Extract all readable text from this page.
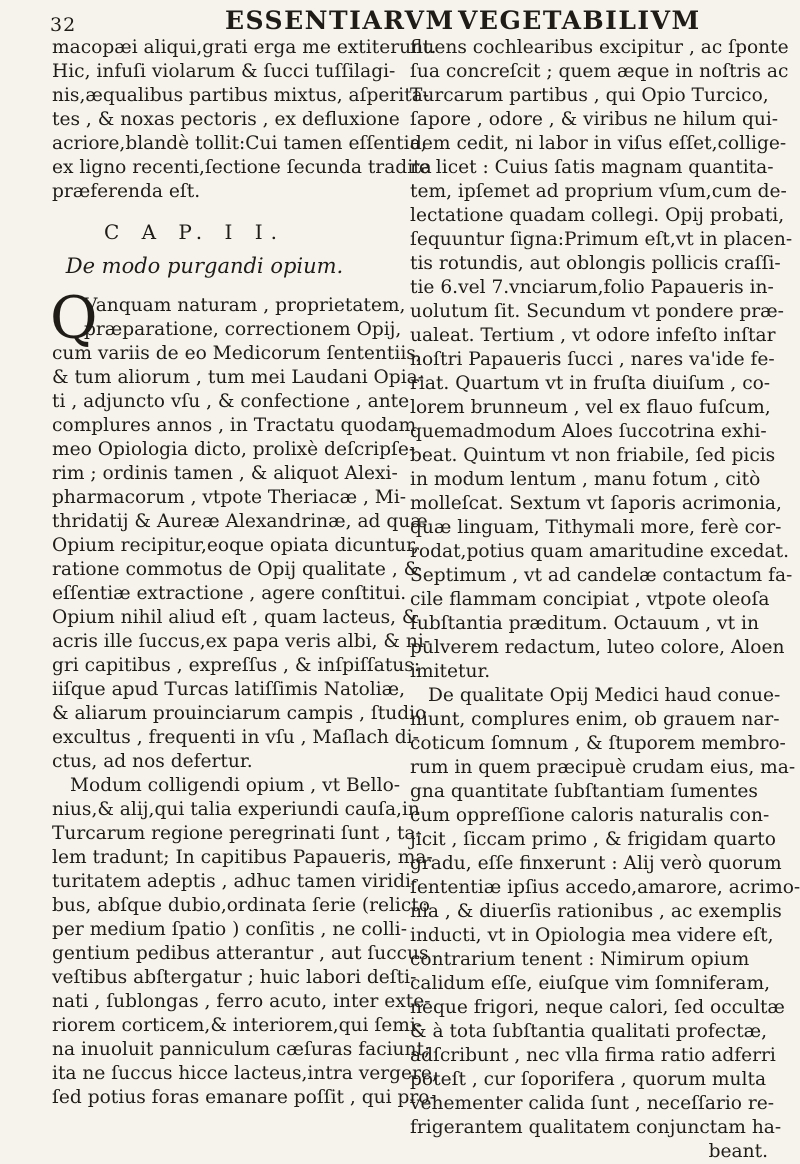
32	ESSENTIARVM VEGETABILIVM
macopæi aliqui,grati erga me extiterunt.
Hic, infuſi violarum & ſucci tuſſilagi-
nis,æqualibus partibus mixtus, aſperita-
tes , & noxas pectoris , ex defluxione
acriore,blandè tollit:Cui tamen eſſentia,
ex ligno recenti,ſectione ſecunda tradita
præferenda eſt.
C A P. I I.
De modo purgandi opium.
Q
Vanquam naturam , proprietatem,
præparatione, correctionem Opij,
cum variis de eo Medicorum ſententiis,
& tum aliorum , tum mei Laudani Opia-
ti , adjuncto vſu , & confectione , ante
complures annos , in Tractatu quodam
meo Opiologia dicto, prolixè deſcripſe-
rim ; ordinis tamen , & aliquot Alexi-
pharmacorum , vtpote Theriacæ , Mi-
thridatij & Aureæ Alexandrinæ, ad quæ
Opium recipitur,eoque opiata dicuntur,
ratione commotus de Opij qualitate , &
eſſentiæ extractione , agere conſtitui.
Opium nihil aliud eſt , quam lacteus, &
acris ille ſuccus,ex papa veris albi, & ni-
gri capitibus , expreſſus , & inſpiſſatus:
iiſque apud Turcas latiſſimis Natoliæ,
& aliarum prouinciarum campis , ſtudio
excultus , frequenti in vſu , Maſlach di-
ctus, ad nos defertur.
Modum colligendi opium , vt Bello-
nius,& alij,qui talia experiundi cauſa,in
Turcarum regione peregrinati ſunt , ta-
lem tradunt; In capitibus Papaueris, ma-
turitatem adeptis , adhuc tamen viridi-
bus, abſque dubio,ordinata ſerie (relicto
per medium ſpatio ) conſitis , ne colli-
gentium pedibus atterantur , aut ſuccus
veſtibus abſtergatur ; huic labori deſti-
nati , ſublongas , ferro acuto, inter exte-
riorem corticem,& interiorem,qui ſemi-
na inuoluit panniculum cæſuras faciunt;
ita ne ſuccus hicce lacteus,intra vergere,
ſed potius foras emanare poſſit , qui pro-
fluens cochlearibus excipitur , ac ſponte
ſua concreſcit ; quem æque in noſtris ac
Turcarum partibus , qui Opio Turcico,
ſapore , odore , & viribus ne hilum qui-
dem cedit, ni labor in viſus eſſet,collige-
re licet : Cuius ſatis magnam quantita-
tem, ipſemet ad proprium vſum,cum de-
lectatione quadam collegi. Opij probati,
ſequuntur ſigna:Primum eſt,vt in placen-
tis rotundis, aut oblongis pollicis craſſi-
tie 6.vel 7.vnciarum,folio Papaueris in-
uolutum ſit. Secundum vt pondere præ-
ualeat. Tertium , vt odore infeſto inſtar
noſtri Papaueris ſucci , nares va'ide fe-
riat. Quartum vt in fruſta diuiſum , co-
lorem brunneum , vel ex flauo fuſcum,
quemadmodum Aloes ſuccotrina exhi-
beat. Quintum vt non friabile, ſed picis
in modum lentum , manu fotum , citò
molleſcat. Sextum vt ſaporis acrimonia,
quæ linguam, Tithymali more, ferè cor-
rodat,potius quam amaritudine excedat.
Septimum , vt ad candelæ contactum fa-
cile flammam concipiat , vtpote oleoſa
ſubſtantia præditum. Octauum , vt in
pulverem redactum, luteo colore, Aloen
imitetur.
De qualitate Opij Medici haud conue-
niunt, complures enim, ob grauem nar-
coticum ſomnum , & ſtuporem membro-
rum in quem præcipuè crudam eius, ma-
gna quantitate ſubſtantiam ſumentes
cum oppreſſione caloris naturalis con-
jicit , ſiccam primo , & frigidam quarto
gradu, eſſe finxerunt : Alij verò quorum
ſententiæ ipſius accedo,amarore, acrimo-
nia , & diuerſis rationibus , ac exemplis
inducti, vt in Opiologia mea videre eſt,
contrarium tenent : Nimirum opium
calidum eſſe, eiuſque vim ſomniferam,
neque frigori, neque calori, ſed occultæ
& à tota ſubſtantia qualitati profectæ,
adſcribunt , nec vlla firma ratio adferri
poteſt , cur ſoporifera , quorum multa
vehementer calida ſunt , neceſſario re-
frigerantem qualitatem conjunctam ha-
beant.
